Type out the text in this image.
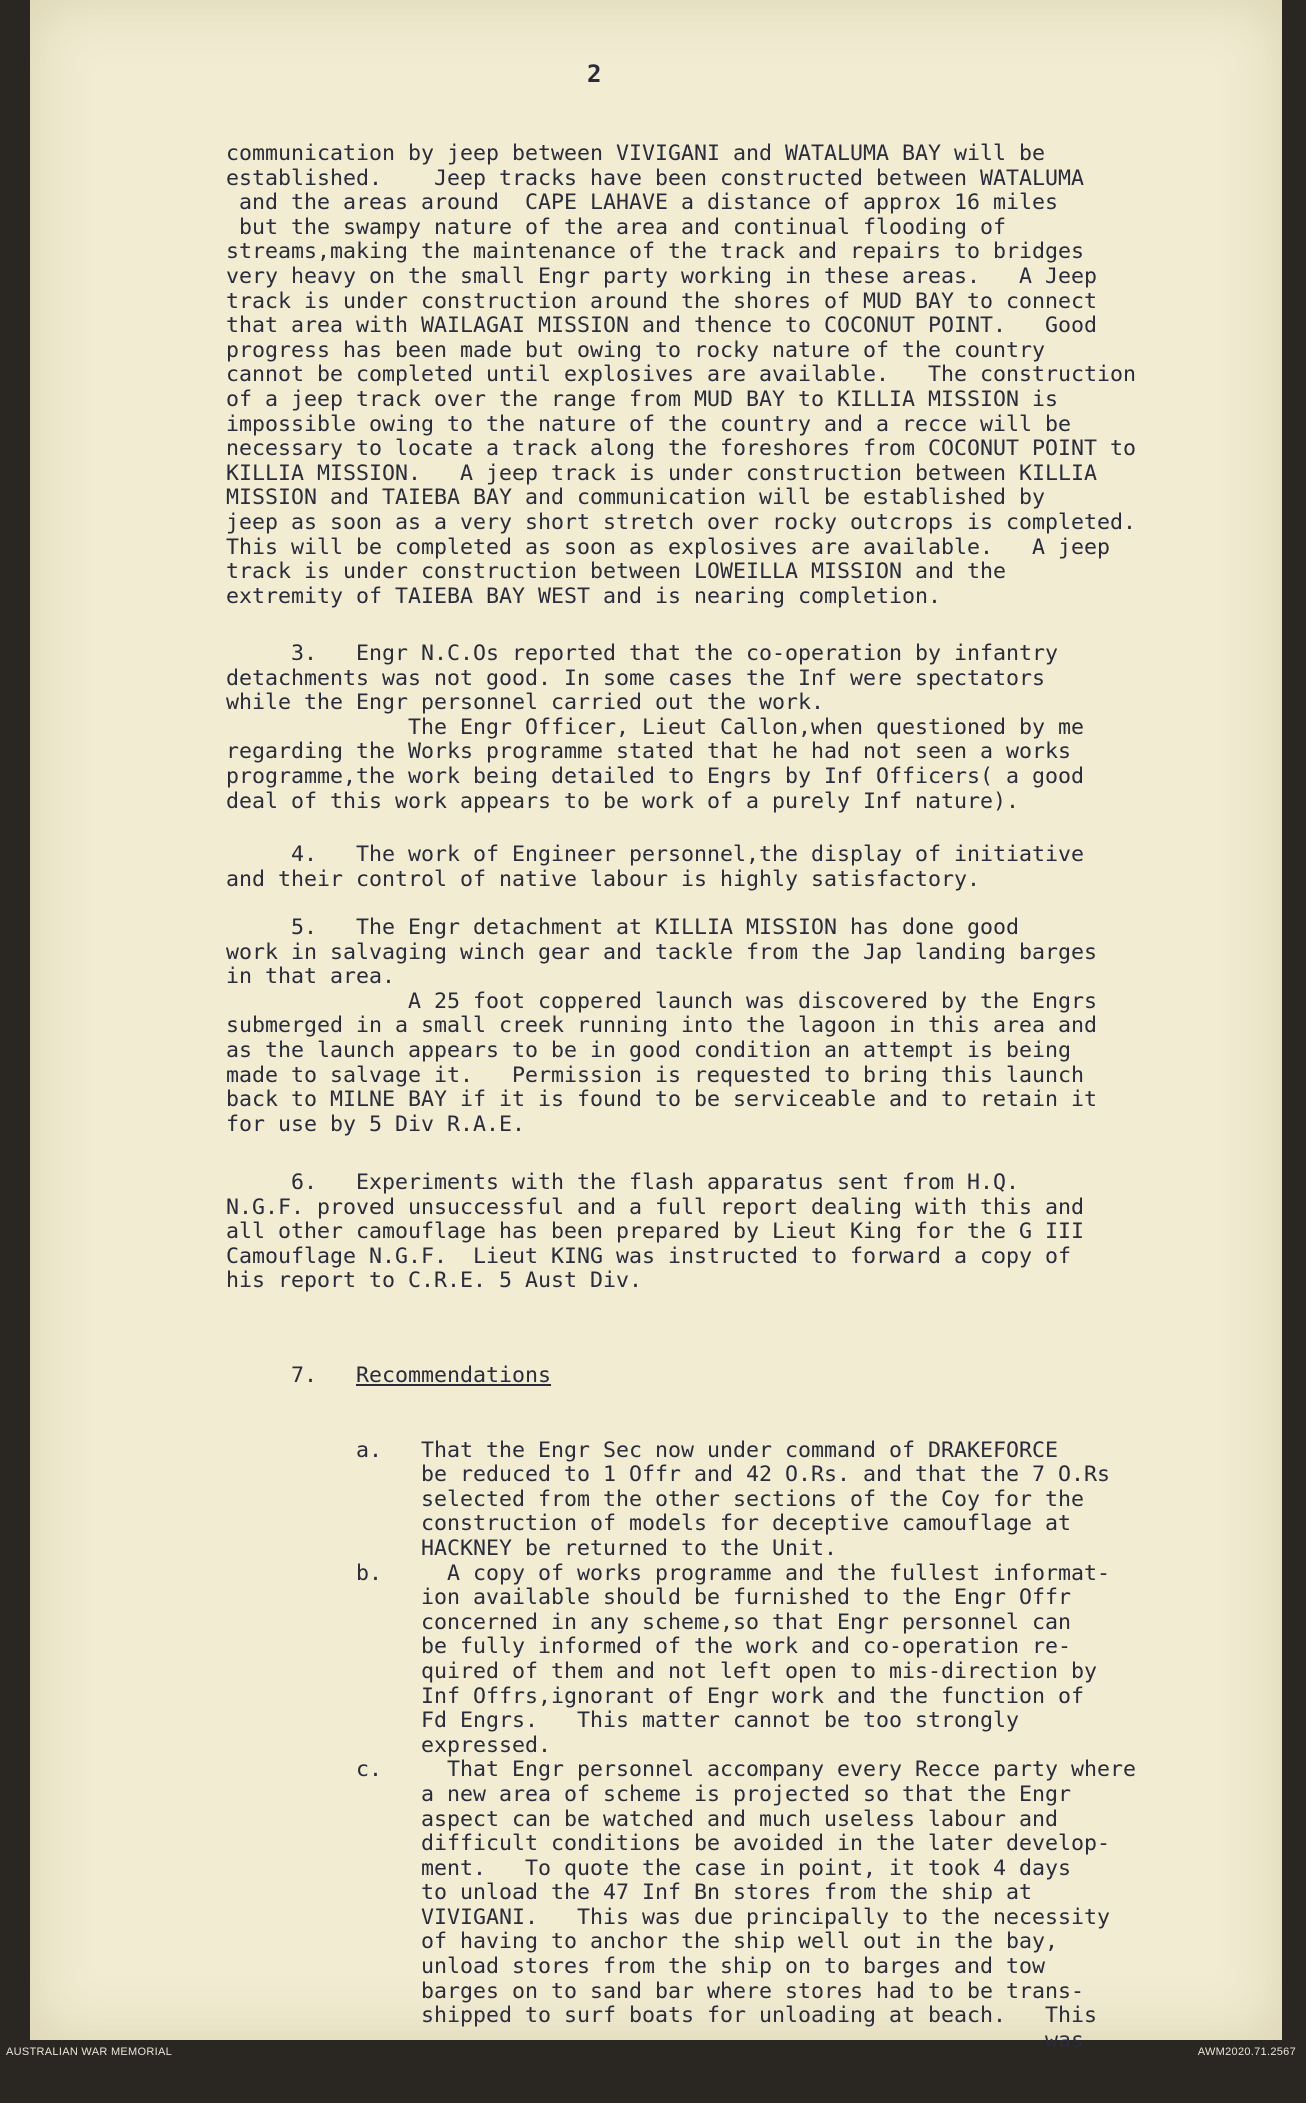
2
communication by jeep between VIVIGANI and WATALUMA BAY will be
established.    Jeep tracks have been constructed between WATALUMA
and the areas around  CAPE LAHAVE a distance of approx 16 miles
but the swampy nature of the area and continual flooding of
streams,making the maintenance of the track and repairs to bridges
very heavy on the small Engr party working in these areas.   A Jeep
track is under construction around the shores of MUD BAY to connect
that area with WAILAGAI MISSION and thence to COCONUT POINT.   Good
progress has been made but owing to rocky nature of the country
cannot be completed until explosives are available.   The construction
of a jeep track over the range from MUD BAY to KILLIA MISSION is
impossible owing to the nature of the country and a recce will be
necessary to locate a track along the foreshores from COCONUT POINT to
KILLIA MISSION.   A jeep track is under construction between KILLIA
MISSION and TAIEBA BAY and communication will be established by
jeep as soon as a very short stretch over rocky outcrops is completed.
This will be completed as soon as explosives are available.   A jeep
track is under construction between LOWEILLA MISSION and the
extremity of TAIEBA BAY WEST and is nearing completion.
3.   Engr N.C.Os reported that the co-operation by infantry
detachments was not good. In some cases the Inf were spectators
while the Engr personnel carried out the work.
The Engr Officer, Lieut Callon,when questioned by me
regarding the Works programme stated that he had not seen a works
programme,the work being detailed to Engrs by Inf Officers( a good
deal of this work appears to be work of a purely Inf nature).
4.   The work of Engineer personnel,the display of initiative
and their control of native labour is highly satisfactory.
5.   The Engr detachment at KILLIA MISSION has done good
work in salvaging winch gear and tackle from the Jap landing barges
in that area.
A 25 foot coppered launch was discovered by the Engrs
submerged in a small creek running into the lagoon in this area and
as the launch appears to be in good condition an attempt is being
made to salvage it.   Permission is requested to bring this launch
back to MILNE BAY if it is found to be serviceable and to retain it
for use by 5 Div R.A.E.
6.   Experiments with the flash apparatus sent from H.Q.
N.G.F. proved unsuccessful and a full report dealing with this and
all other camouflage has been prepared by Lieut King for the G III
Camouflage N.G.F.  Lieut KING was instructed to forward a copy of
his report to C.R.E. 5 Aust Div.

7.   Recommendations

a.   That the Engr Sec now under command of DRAKEFORCE
be reduced to 1 Offr and 42 O.Rs. and that the 7 O.Rs
selected from the other sections of the Coy for the
construction of models for deceptive camouflage at
HACKNEY be returned to the Unit.
b.     A copy of works programme and the fullest informat-
ion available should be furnished to the Engr Offr
concerned in any scheme,so that Engr personnel can
be fully informed of the work and co-operation re-
quired of them and not left open to mis-direction by
Inf Offrs,ignorant of Engr work and the function of
Fd Engrs.   This matter cannot be too strongly
expressed.
c.     That Engr personnel accompany every Recce party where
a new area of scheme is projected so that the Engr
aspect can be watched and much useless labour and
difficult conditions be avoided in the later develop-
ment.   To quote the case in point, it took 4 days
to unload the 47 Inf Bn stores from the ship at
VIVIGANI.   This was due principally to the necessity
of having to anchor the ship well out in the bay,
unload stores from the ship on to barges and tow
barges on to sand bar where stores had to be trans-
shipped to surf boats for unloading at beach.   This
was

AUSTRALIAN WAR MEMORIAL	AWM2020.71.2567
